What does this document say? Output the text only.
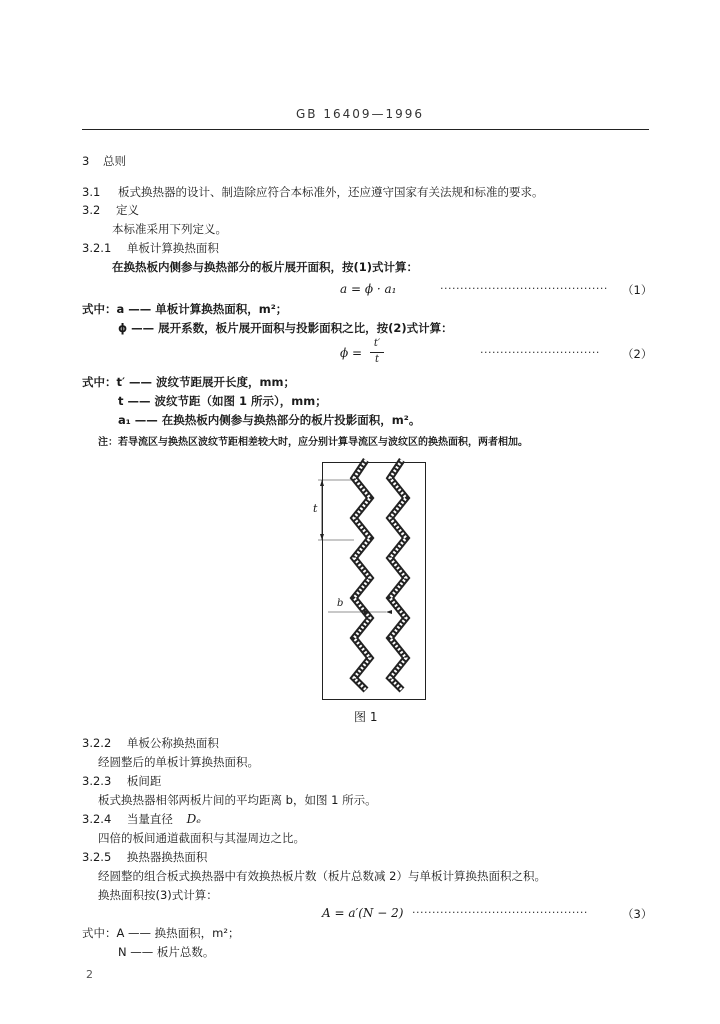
GB 16409—1996
3 总则
3.1 板式换热器的设计、制造除应符合本标准外，还应遵守国家有关法规和标准的要求。
3.2 定义
本标准采用下列定义。
3.2.1 单板计算换热面积
在换热板内侧参与换热部分的板片展开面积，按(1)式计算：
a = ϕ · a₁	·········································· （1）
式中：a —— 单板计算换热面积，m²；
ϕ —— 展开系数，板片展开面积与投影面积之比，按(2)式计算：
ϕ =
t′
t
······························ （2）
式中：t′ —— 波纹节距展开长度，mm；
t —— 波纹节距（如图 1 所示），mm；
a₁ —— 在换热板内侧参与换热部分的板片投影面积，m²。
注：若导流区与换热区波纹节距相差较大时，应分别计算导流区与波纹区的换热面积，两者相加。
t
b
图 1
3.2.2 单板公称换热面积
经圆整后的单板计算换热面积。
3.2.3 板间距
板式换热器相邻两板片间的平均距离 b，如图 1 所示。
3.2.4 当量直径 Dₑ
四倍的板间通道截面积与其湿周边之比。
3.2.5 换热器换热面积
经圆整的组合板式换热器中有效换热板片数（板片总数减 2）与单板计算换热面积之积。
换热面积按(3)式计算：
A = a′(N − 2) ············································	（3）
式中：A —— 换热面积，m²；
N —— 板片总数。
2
